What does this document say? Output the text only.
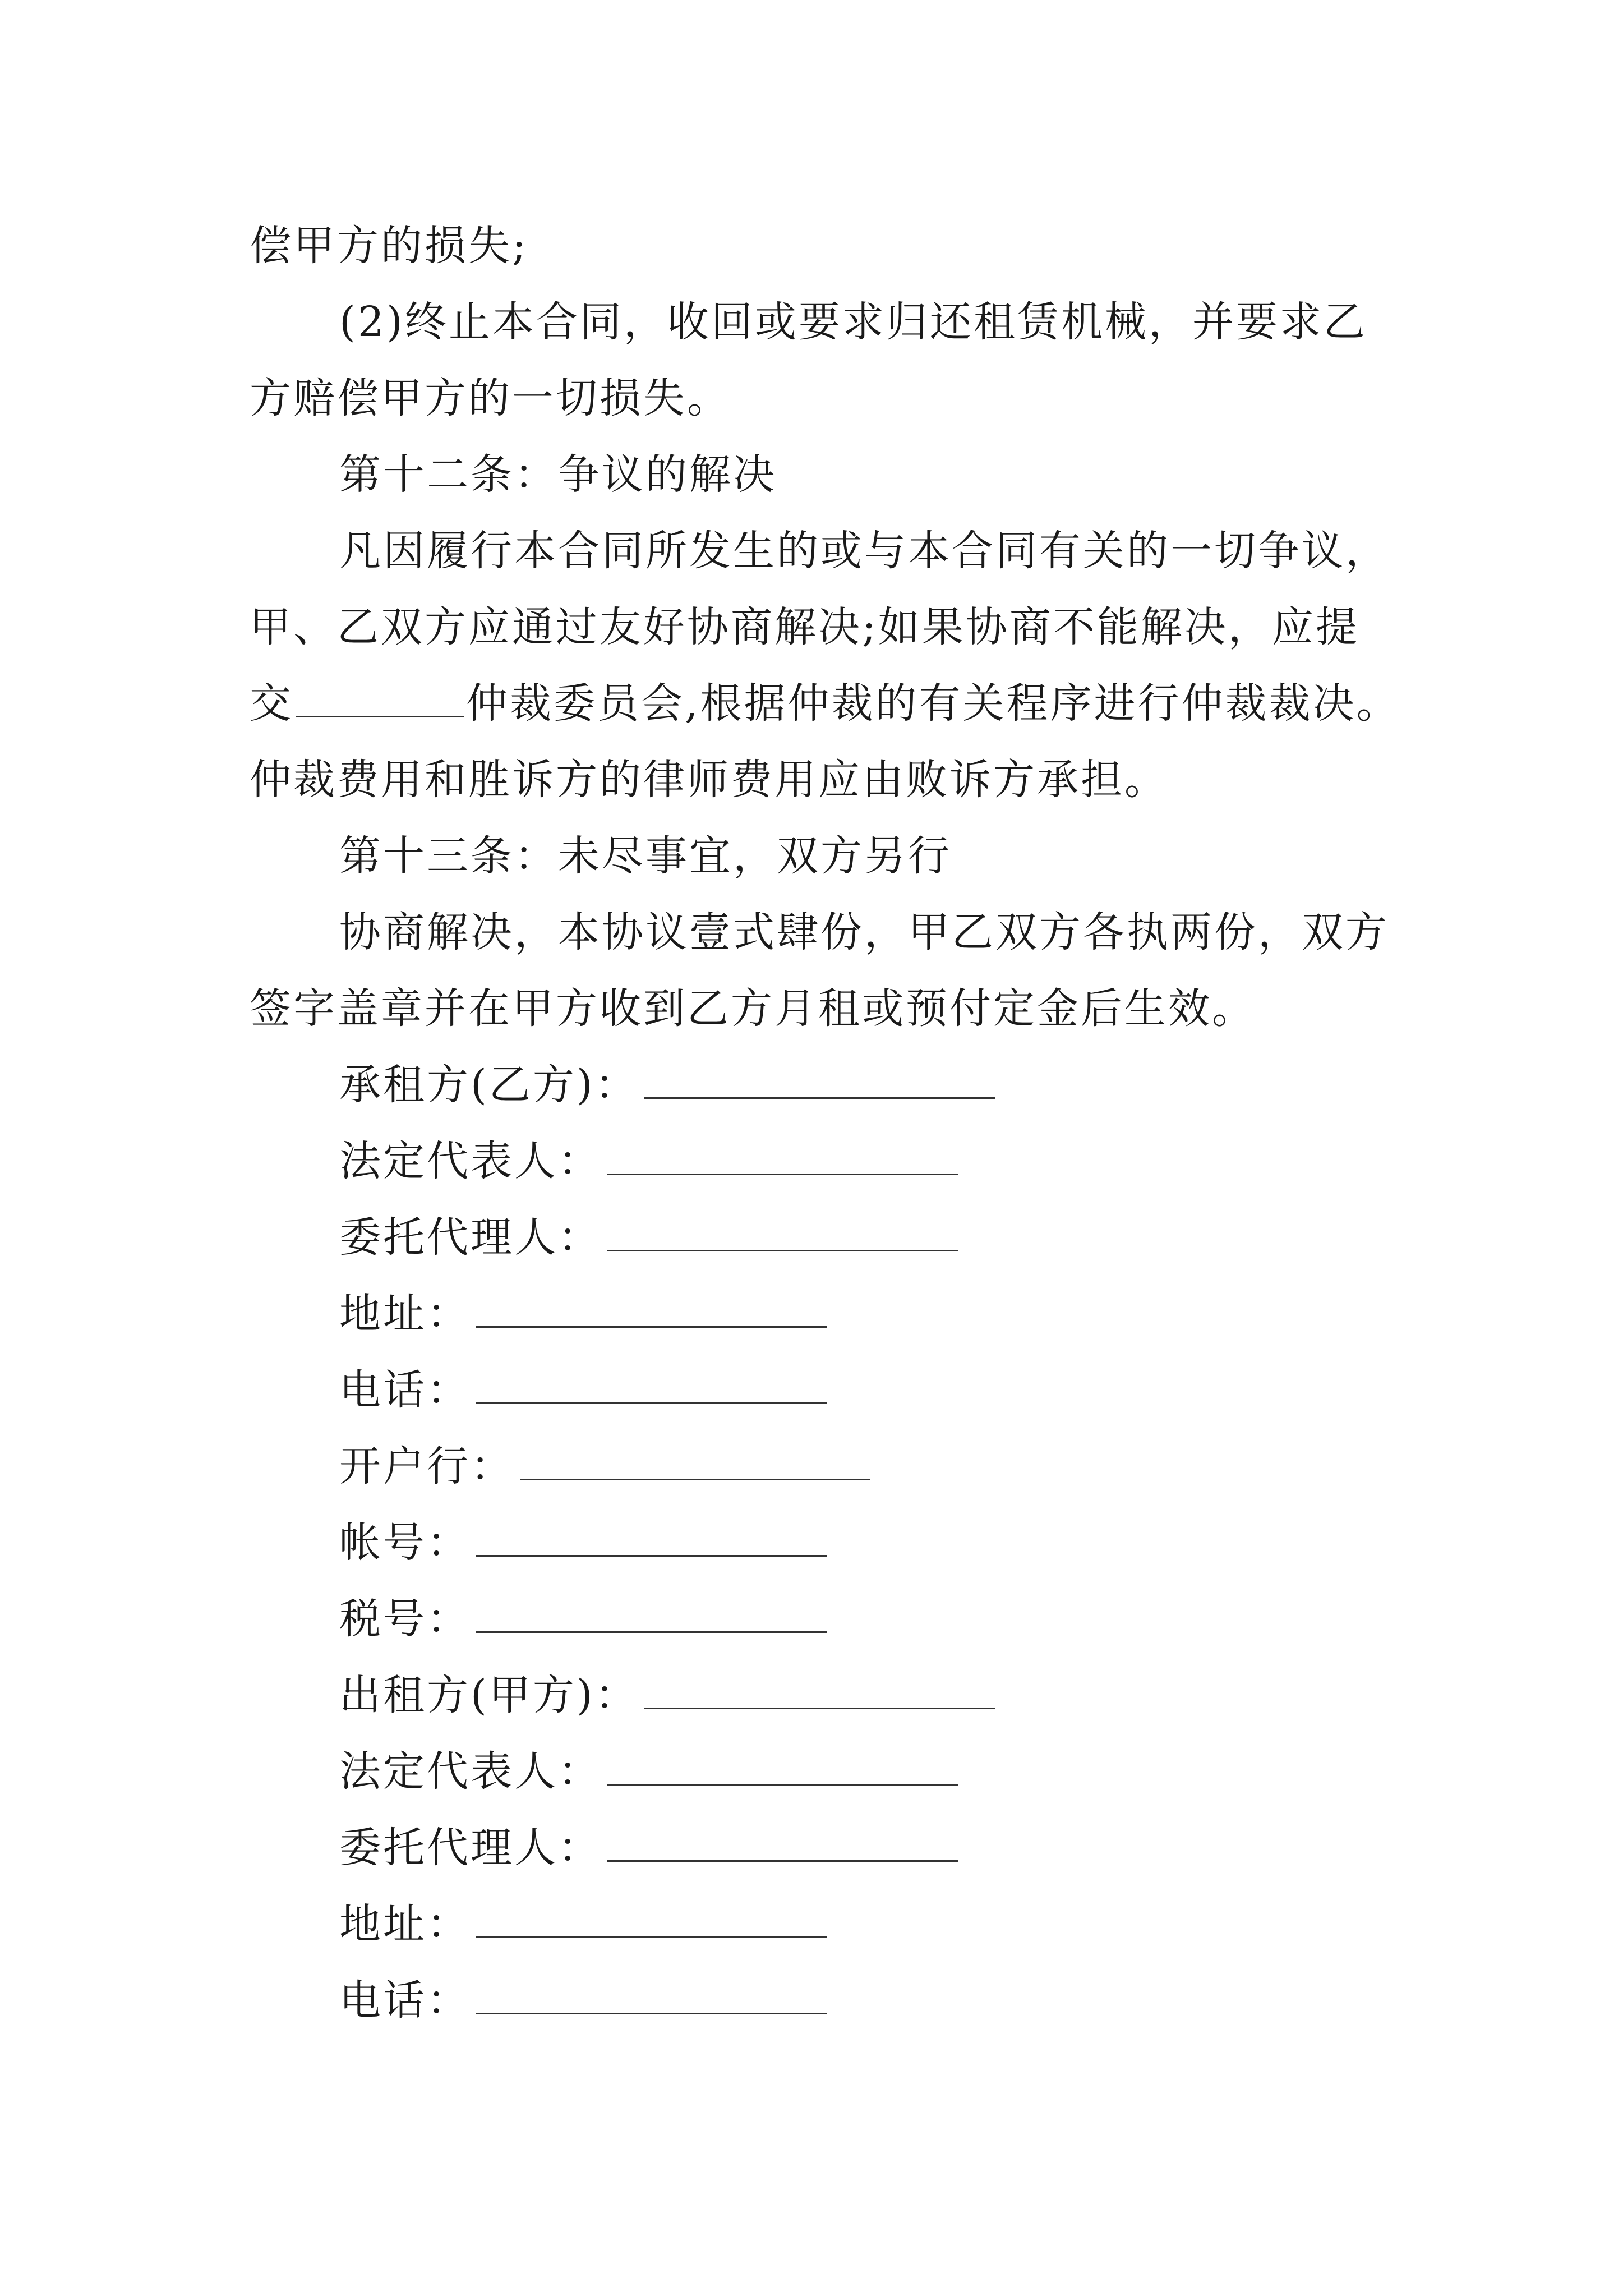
偿甲方的损失;
(2)终止本合同，收回或要求归还租赁机械，并要求乙
方赔偿甲方的一切损失。
第十二条：争议的解决
凡因履行本合同所发生的或与本合同有关的一切争议，
甲、乙双方应通过友好协商解决;如果协商不能解决，应提
交	仲裁委员会,根据仲裁的有关程序进行仲裁裁决。
仲裁费用和胜诉方的律师费用应由败诉方承担。
第十三条：未尽事宜，双方另行
协商解决，本协议壹式肆份，甲乙双方各执两份，双方
签字盖章并在甲方收到乙方月租或预付定金后生效。
承租方(乙方)：
法定代表人：
委托代理人：
地址：
电话：
开户行：
帐号：
税号：
出租方(甲方)：
法定代表人：
委托代理人：
地址：
电话：
